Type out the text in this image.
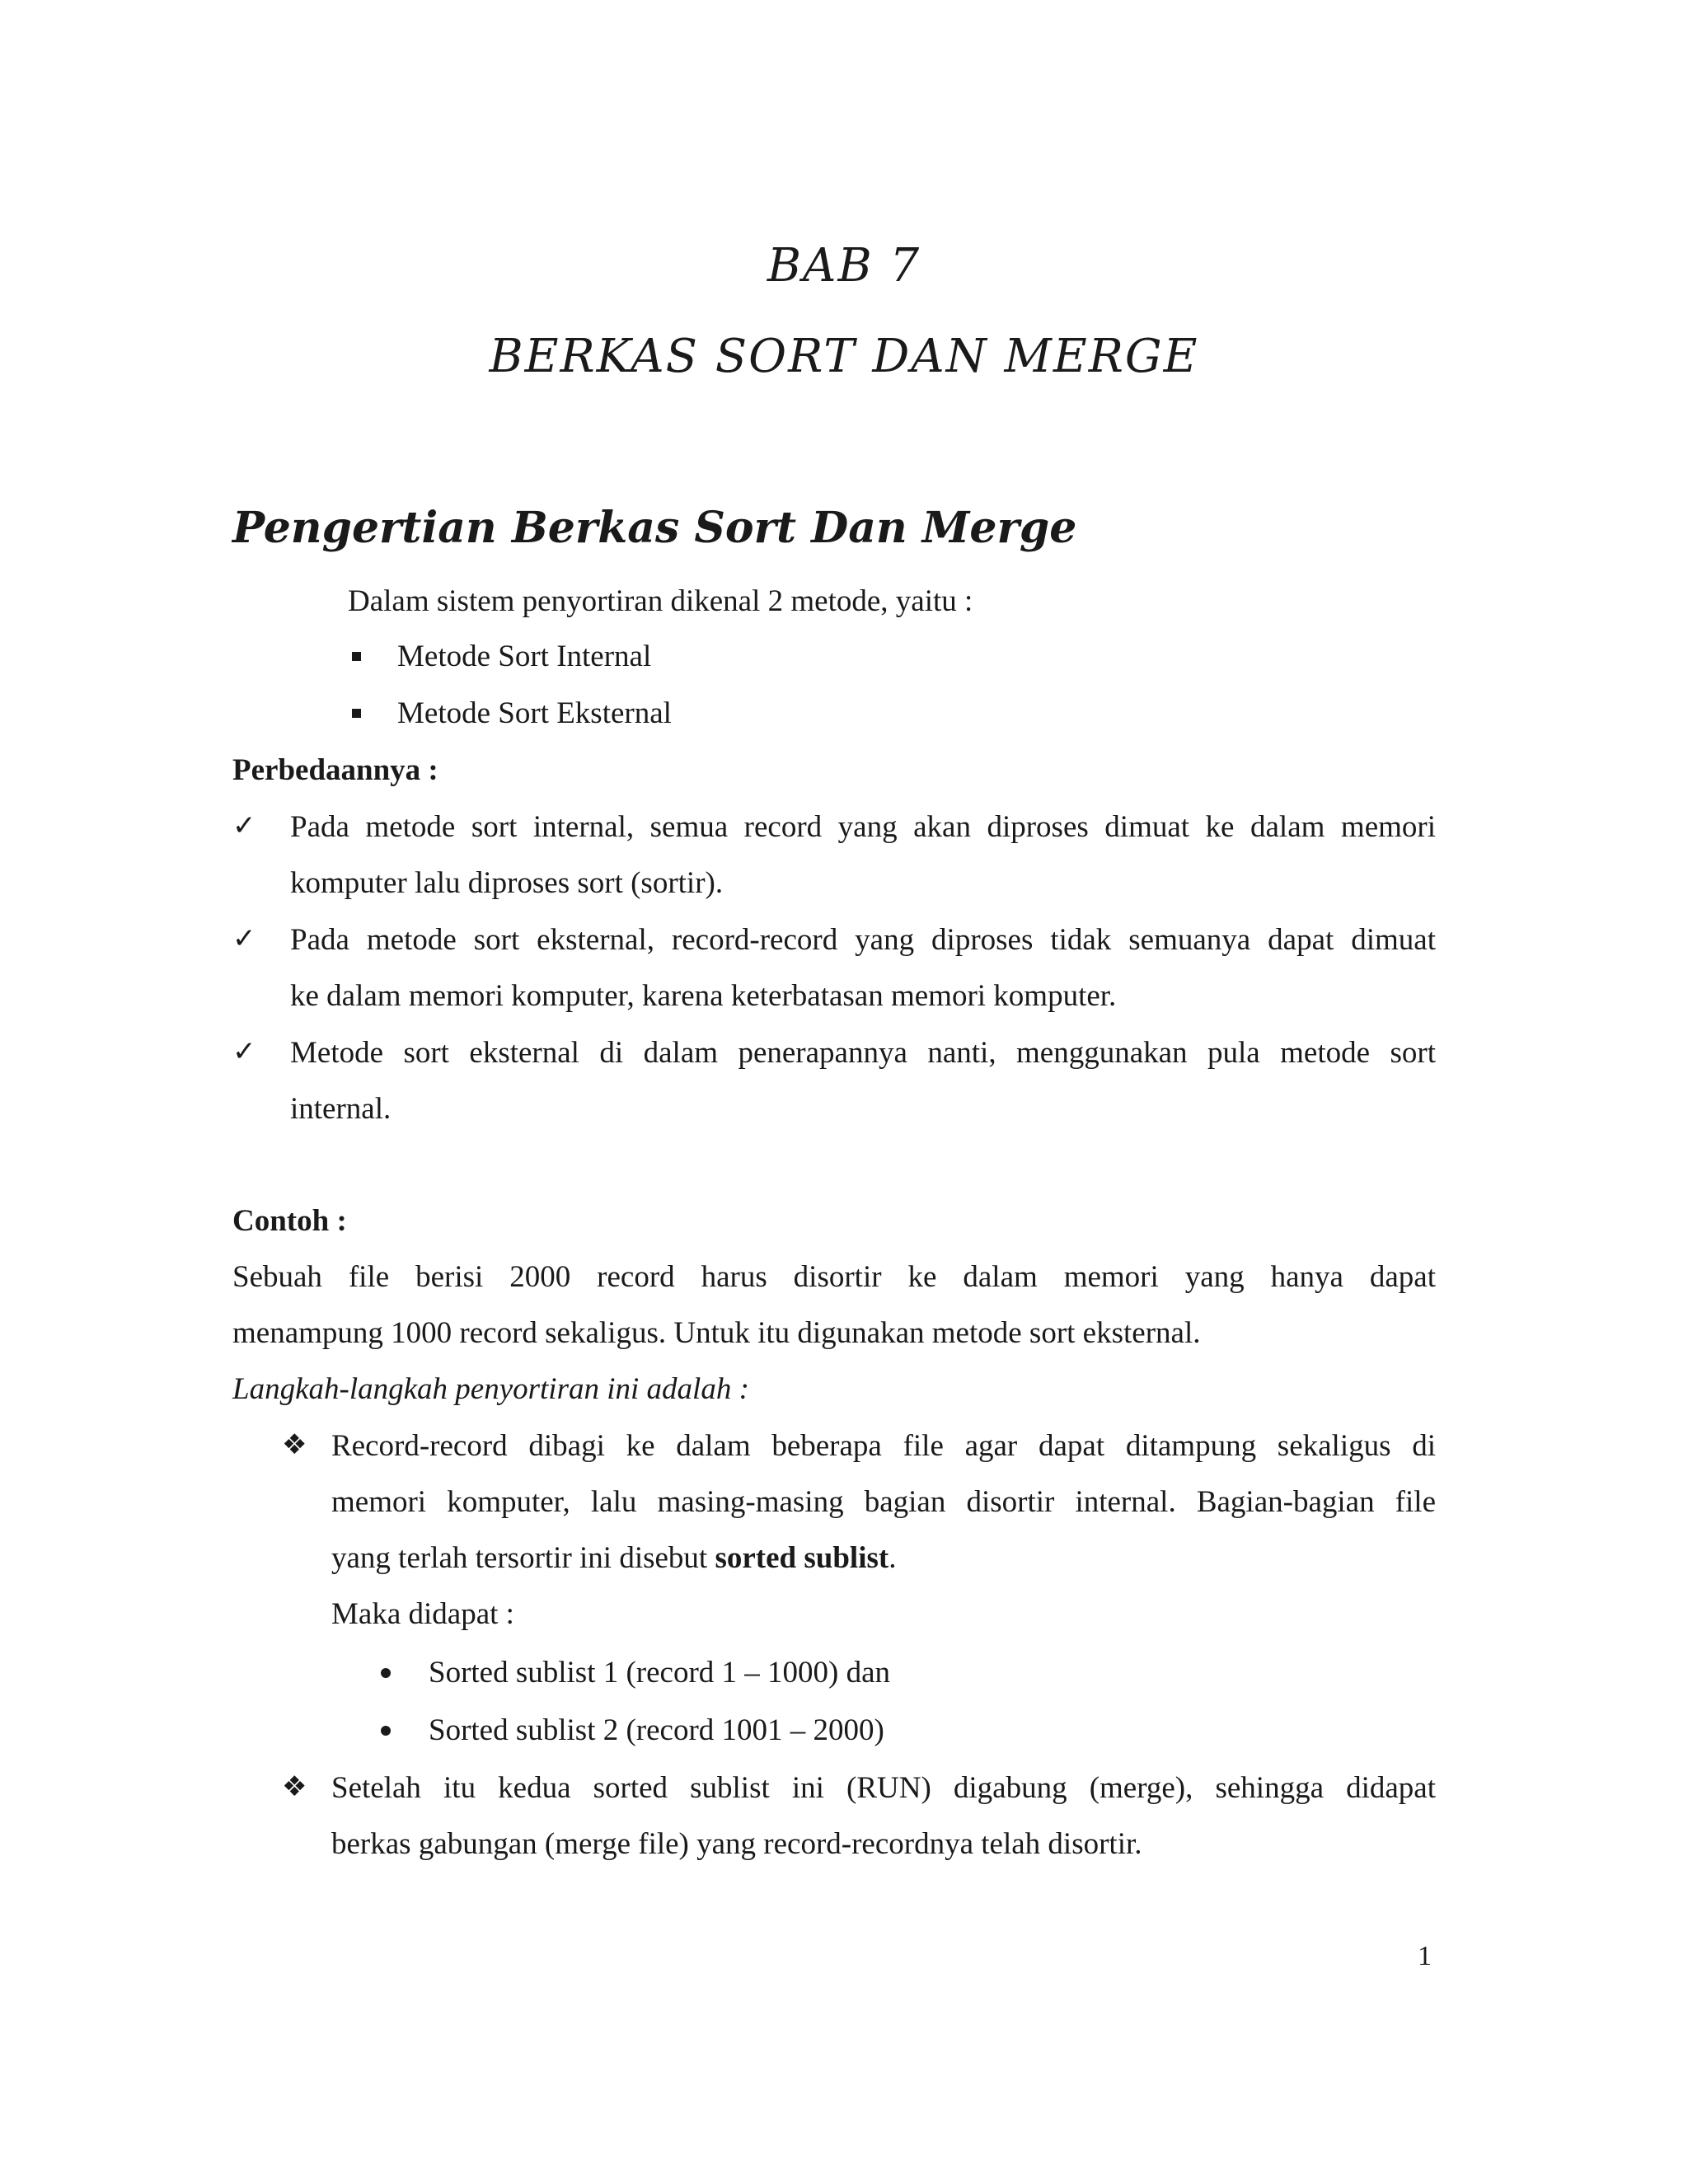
BAB 7
BERKAS SORT DAN MERGE
Pengertian Berkas Sort Dan Merge
Dalam sistem penyortiran dikenal 2 metode, yaitu :
Metode Sort Internal
Metode Sort Eksternal
Perbedaannya :
✓ Pada metode sort internal, semua record yang akan diproses dimuat ke dalam memori
komputer lalu diproses sort (sortir).
✓ Pada metode sort eksternal, record-record yang diproses tidak semuanya dapat dimuat
ke dalam memori komputer, karena keterbatasan memori komputer.
✓ Metode sort eksternal di dalam penerapannya nanti, menggunakan pula metode sort
internal.
Contoh :
Sebuah file berisi 2000 record harus disortir ke dalam memori yang hanya dapat
menampung 1000 record sekaligus. Untuk itu digunakan metode sort eksternal.
Langkah-langkah penyortiran ini adalah :
❖ Record-record dibagi ke dalam beberapa file agar dapat ditampung sekaligus di
memori komputer, lalu masing-masing bagian disortir internal. Bagian-bagian file
yang terlah tersortir ini disebut sorted sublist.
Maka didapat :
Sorted sublist 1 (record 1 – 1000) dan
Sorted sublist 2 (record 1001 – 2000)
❖ Setelah itu kedua sorted sublist ini (RUN) digabung (merge), sehingga didapat
berkas gabungan (merge file) yang record-recordnya telah disortir.
1
